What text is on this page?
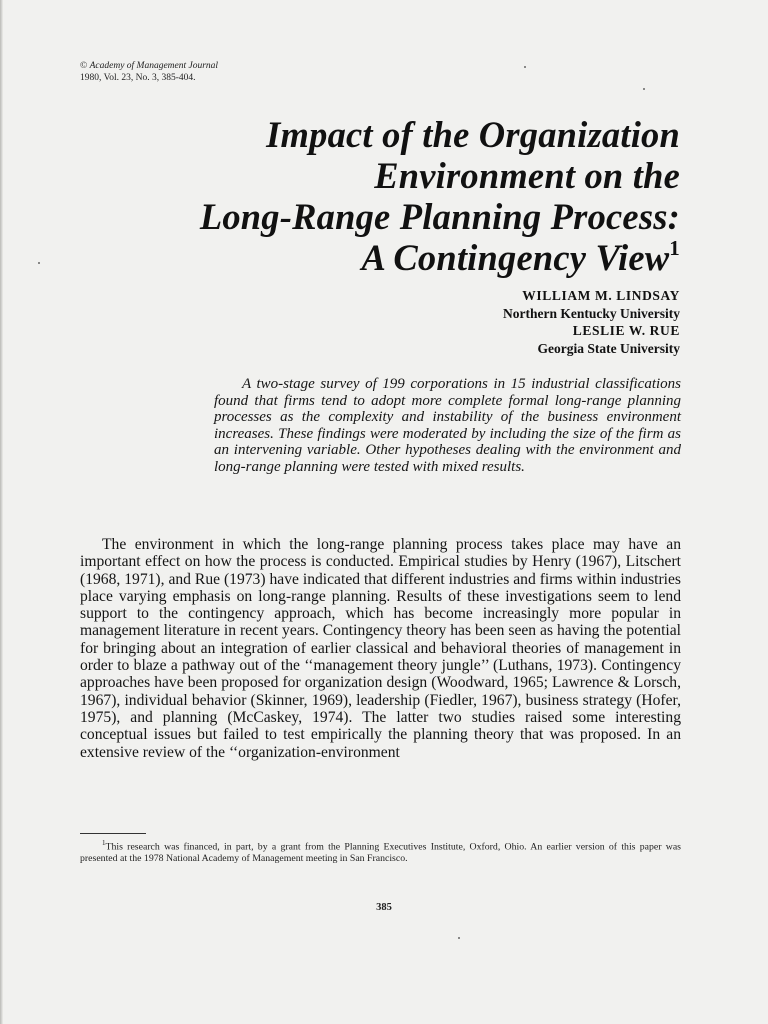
© Academy of Management Journal
1980, Vol. 23, No. 3, 385-404.
Impact of the Organization
Environment on the
Long-Range Planning Process:
A Contingency View$^1$
WILLIAM M. LINDSAY
Northern Kentucky University
LESLIE W. RUE
Georgia State University

A two-stage survey of 199 corporations in 15 industrial classifications found that firms tend to adopt more complete formal long-range planning processes as the complexity and instability of the business environment increases. These findings were moderated by including the size of the firm as an intervening variable. Other hypotheses dealing with the environment and long-range planning were tested with mixed results.

The environment in which the long-range planning process takes place may have an important effect on how the process is conducted. Empirical studies by Henry (1967), Litschert (1968, 1971), and Rue (1973) have indicated that different industries and firms within industries place varying emphasis on long-range planning. Results of these investigations seem to lend support to the contingency approach, which has become increasingly more popular in management literature in recent years. Contingency theory has been seen as having the potential for bringing about an integration of earlier classical and behavioral theories of management in order to blaze a pathway out of the ‘‘management theory jungle’’ (Luthans, 1973). Contingency approaches have been proposed for organization design (Woodward, 1965; Lawrence & Lorsch, 1967), individual behavior (Skinner, 1969), leadership (Fiedler, 1967), business strategy (Hofer, 1975), and planning (McCaskey, 1974). The latter two studies raised some interesting conceptual issues but failed to test empirically the planning theory that was proposed. In an extensive review of the ‘‘organization-environment

$^1$This research was financed, in part, by a grant from the Planning Executives Institute, Oxford, Ohio. An earlier version of this paper was presented at the 1978 National Academy of Management meeting in San Francisco.

385
